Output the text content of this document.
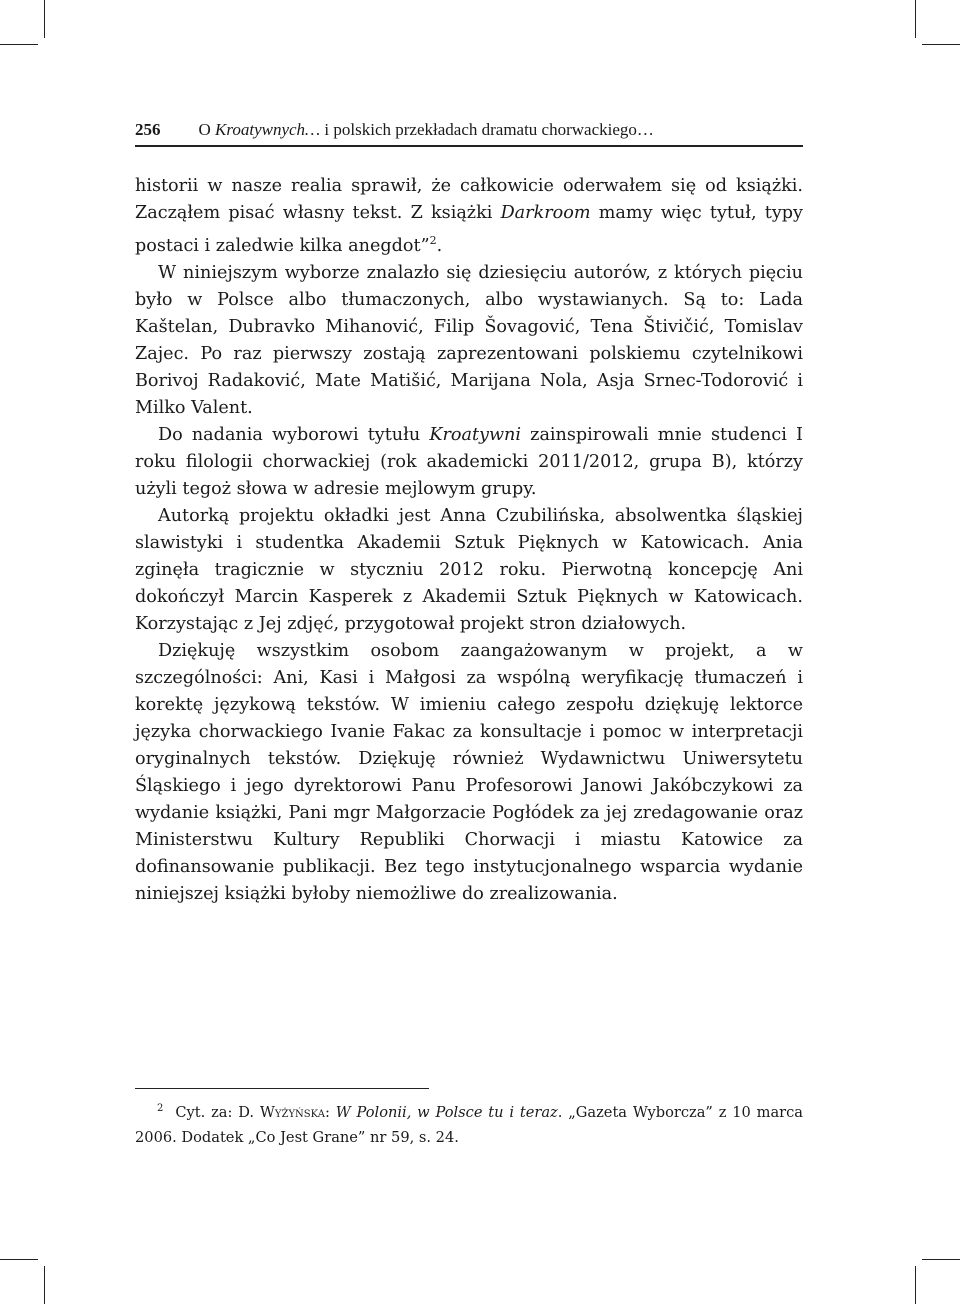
256 O Kroatywnych… i polskich przekładach dramatu chorwackiego…

historii w nasze realia sprawił, że całkowicie oderwałem się od książki. Zacząłem pisać własny tekst. Z książki Darkroom mamy więc tytuł, typy postaci i zaledwie kilka anegdot”$^2$.

W niniejszym wyborze znalazło się dziesięciu autorów, z których pięciu było w Polsce albo tłumaczonych, albo wystawianych. Są to: Lada Kaštelan, Dubravko Mihanović, Filip Šovagović, Tena Štivičić, Tomislav Zajec. Po raz pierwszy zostają zaprezentowani polskiemu czytelnikowi Borivoj Radaković, Mate Matišić, Marijana Nola, Asja Srnec-Todorović i Milko Valent.

Do nadania wyborowi tytułu Kroatywni zainspirowali mnie studenci I roku filologii chorwackiej (rok akademicki 2011/2012, grupa B), którzy użyli tegoż słowa w adresie mejlowym grupy.

Autorką projektu okładki jest Anna Czubilińska, absolwentka śląskiej slawistyki i studentka Akademii Sztuk Pięknych w Katowicach. Ania zginęła tragicznie w styczniu 2012 roku. Pierwotną koncepcję Ani dokończył Marcin Kasperek z Akademii Sztuk Pięknych w Katowicach. Korzystając z Jej zdjęć, przygotował projekt stron działowych.

Dziękuję wszystkim osobom zaangażowanym w projekt, a w szczególności: Ani, Kasi i Małgosi za wspólną weryfikację tłumaczeń i korektę językową tekstów. W imieniu całego zespołu dziękuję lektorce języka chorwackiego Ivanie Fakac za konsultacje i pomoc w interpretacji oryginalnych tekstów. Dziękuję również Wydawnictwu Uniwersytetu Śląskiego i jego dyrektorowi Panu Profesorowi Janowi Jakóbczykowi za wydanie książki, Pani mgr Małgorzacie Pogłódek za jej zredagowanie oraz Ministerstwu Kultury Republiki Chorwacji i miastu Katowice za dofinansowanie publikacji. Bez tego instytucjonalnego wsparcia wydanie niniejszej książki byłoby niemożliwe do zrealizowania.

$^2$ Cyt. za: D. Wyżyńska: W Polonii, w Polsce tu i teraz. „Gazeta Wyborcza” z 10 marca 2006. Dodatek „Co Jest Grane” nr 59, s. 24.
